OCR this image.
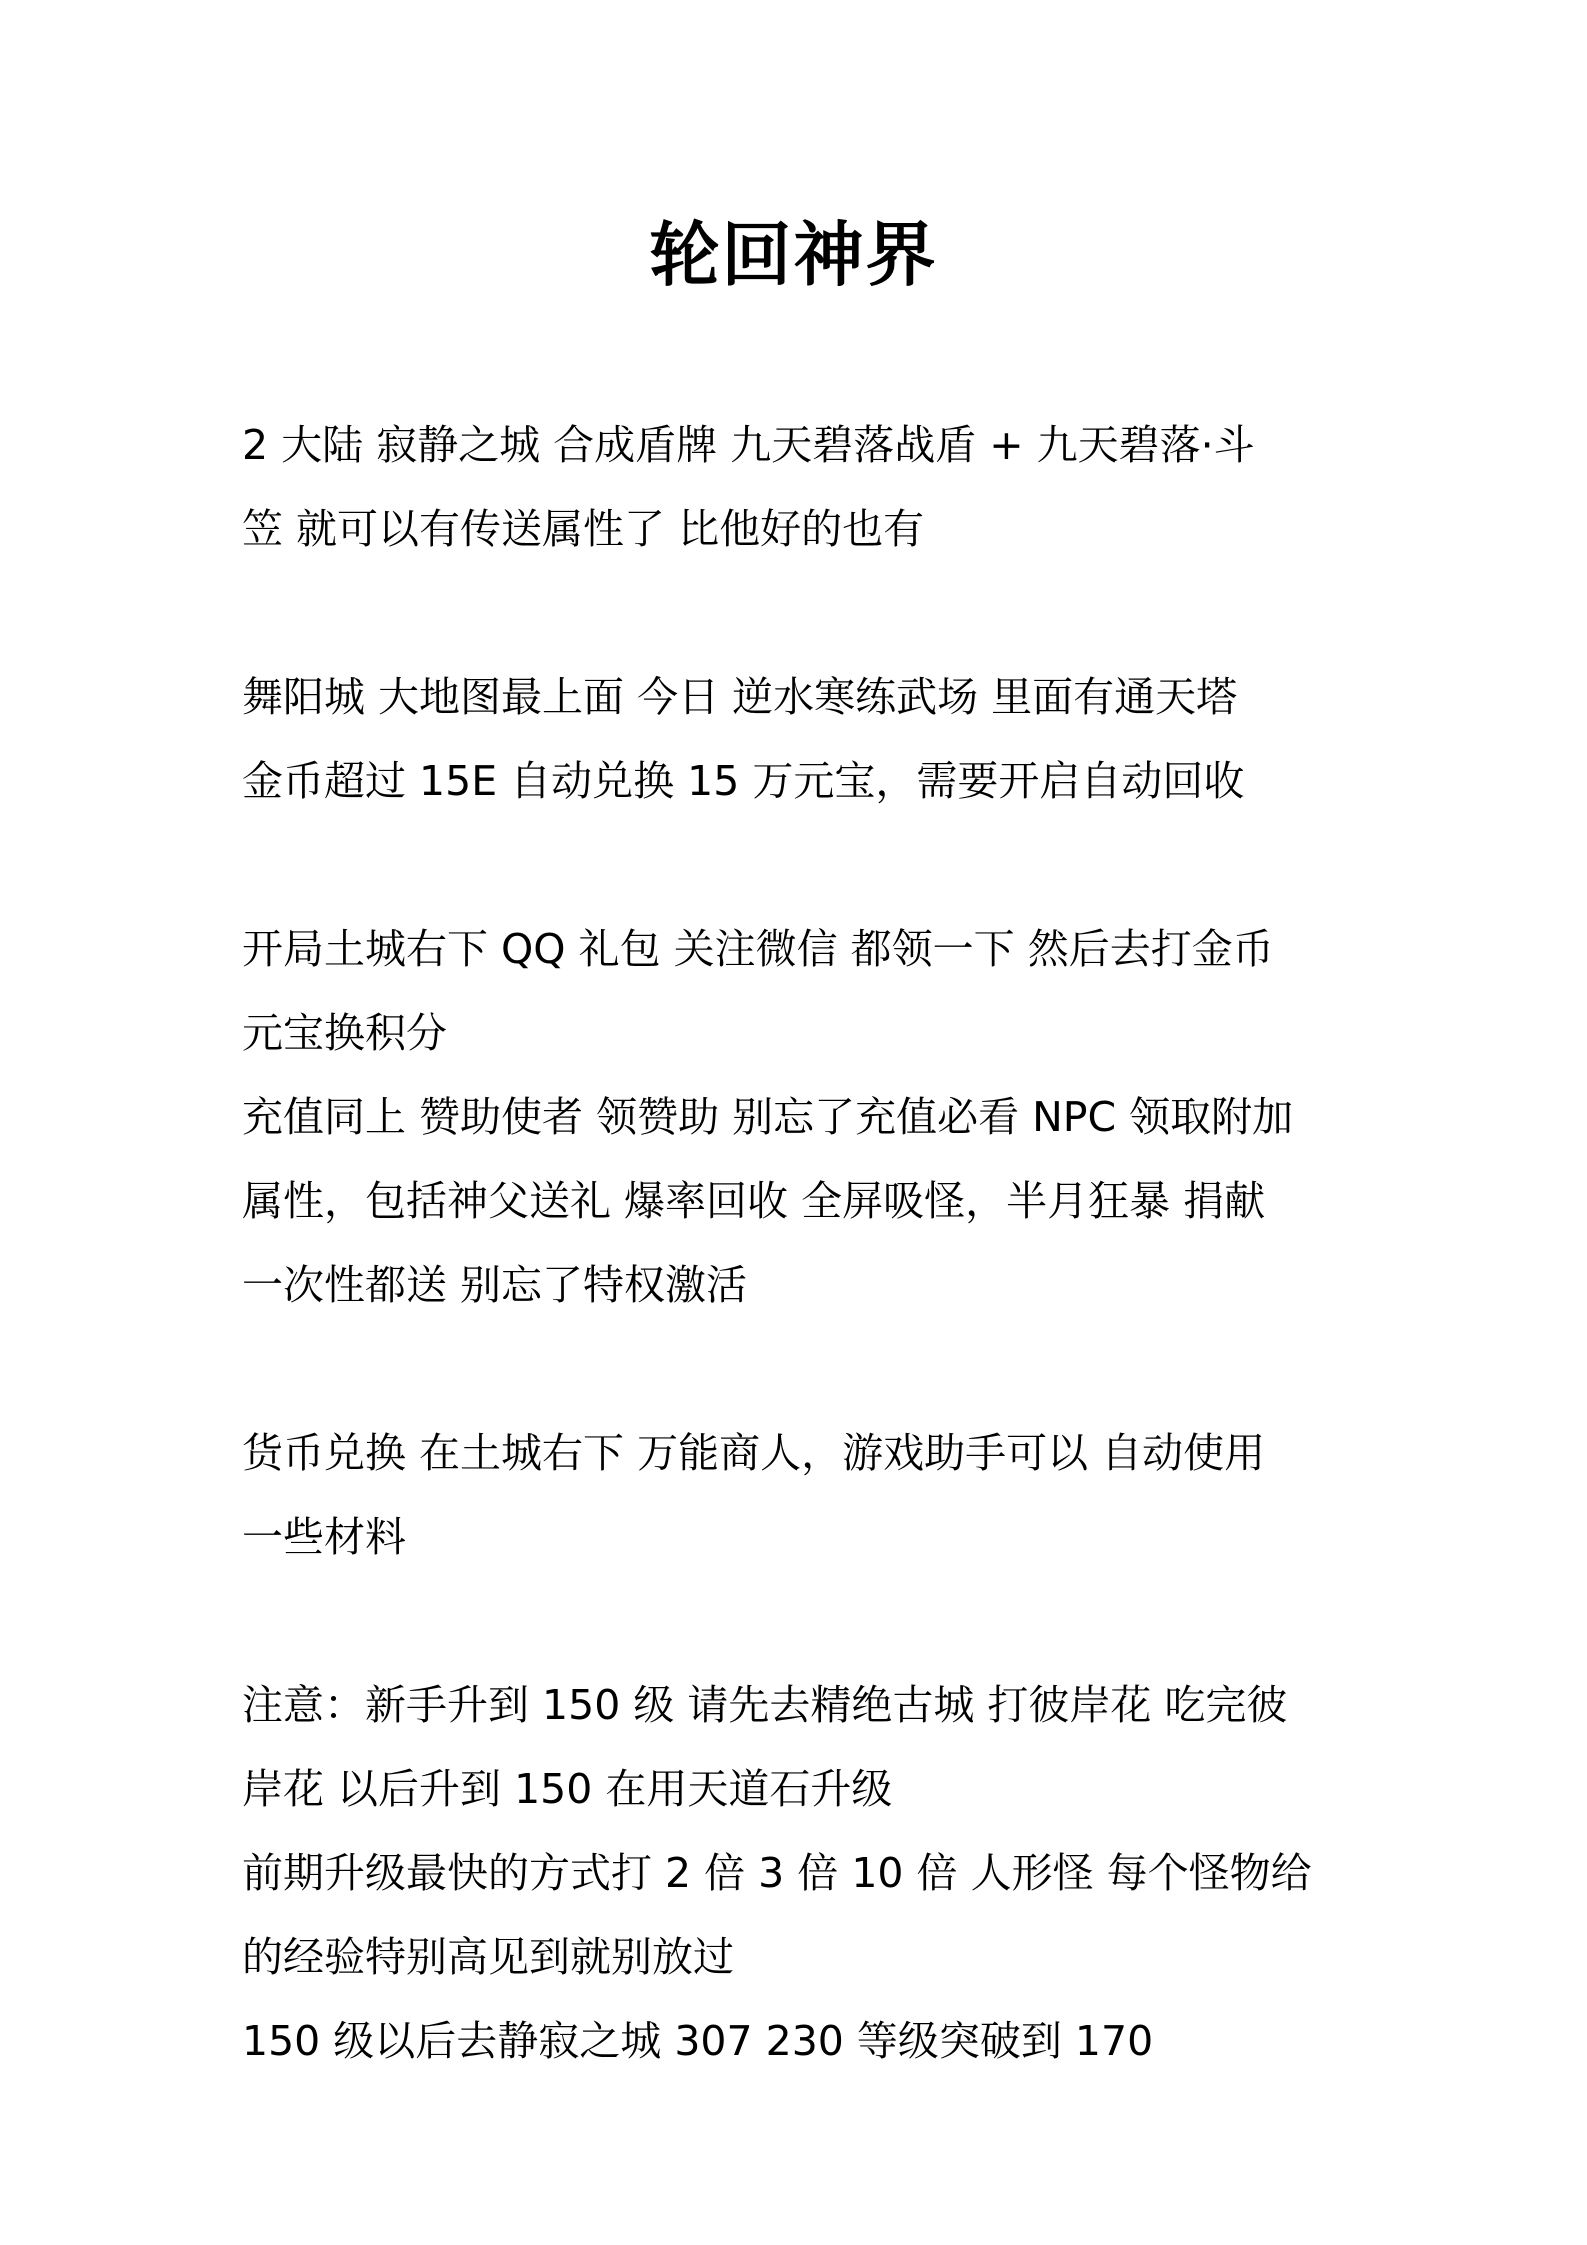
轮回神界

2 大陆 寂静之城 合成盾牌 九天碧落战盾 + 九天碧落·斗

笠 就可以有传送属性了 比他好的也有

舞阳城 大地图最上面 今日 逆水寒练武场 里面有通天塔

金币超过 15E 自动兑换 15 万元宝，需要开启自动回收

开局土城右下 QQ 礼包 关注微信 都领一下 然后去打金币

元宝换积分

充值同上 赞助使者 领赞助 别忘了充值必看 NPC 领取附加

属性，包括神父送礼 爆率回收 全屏吸怪，半月狂暴 捐献

一次性都送 别忘了特权激活

货币兑换 在土城右下 万能商人，游戏助手可以 自动使用

一些材料

注意：新手升到 150 级 请先去精绝古城 打彼岸花 吃完彼

岸花 以后升到 150 在用天道石升级

前期升级最快的方式打 2 倍 3 倍 10 倍 人形怪 每个怪物给

的经验特别高见到就别放过

150 级以后去静寂之城 307 230 等级突破到 170
